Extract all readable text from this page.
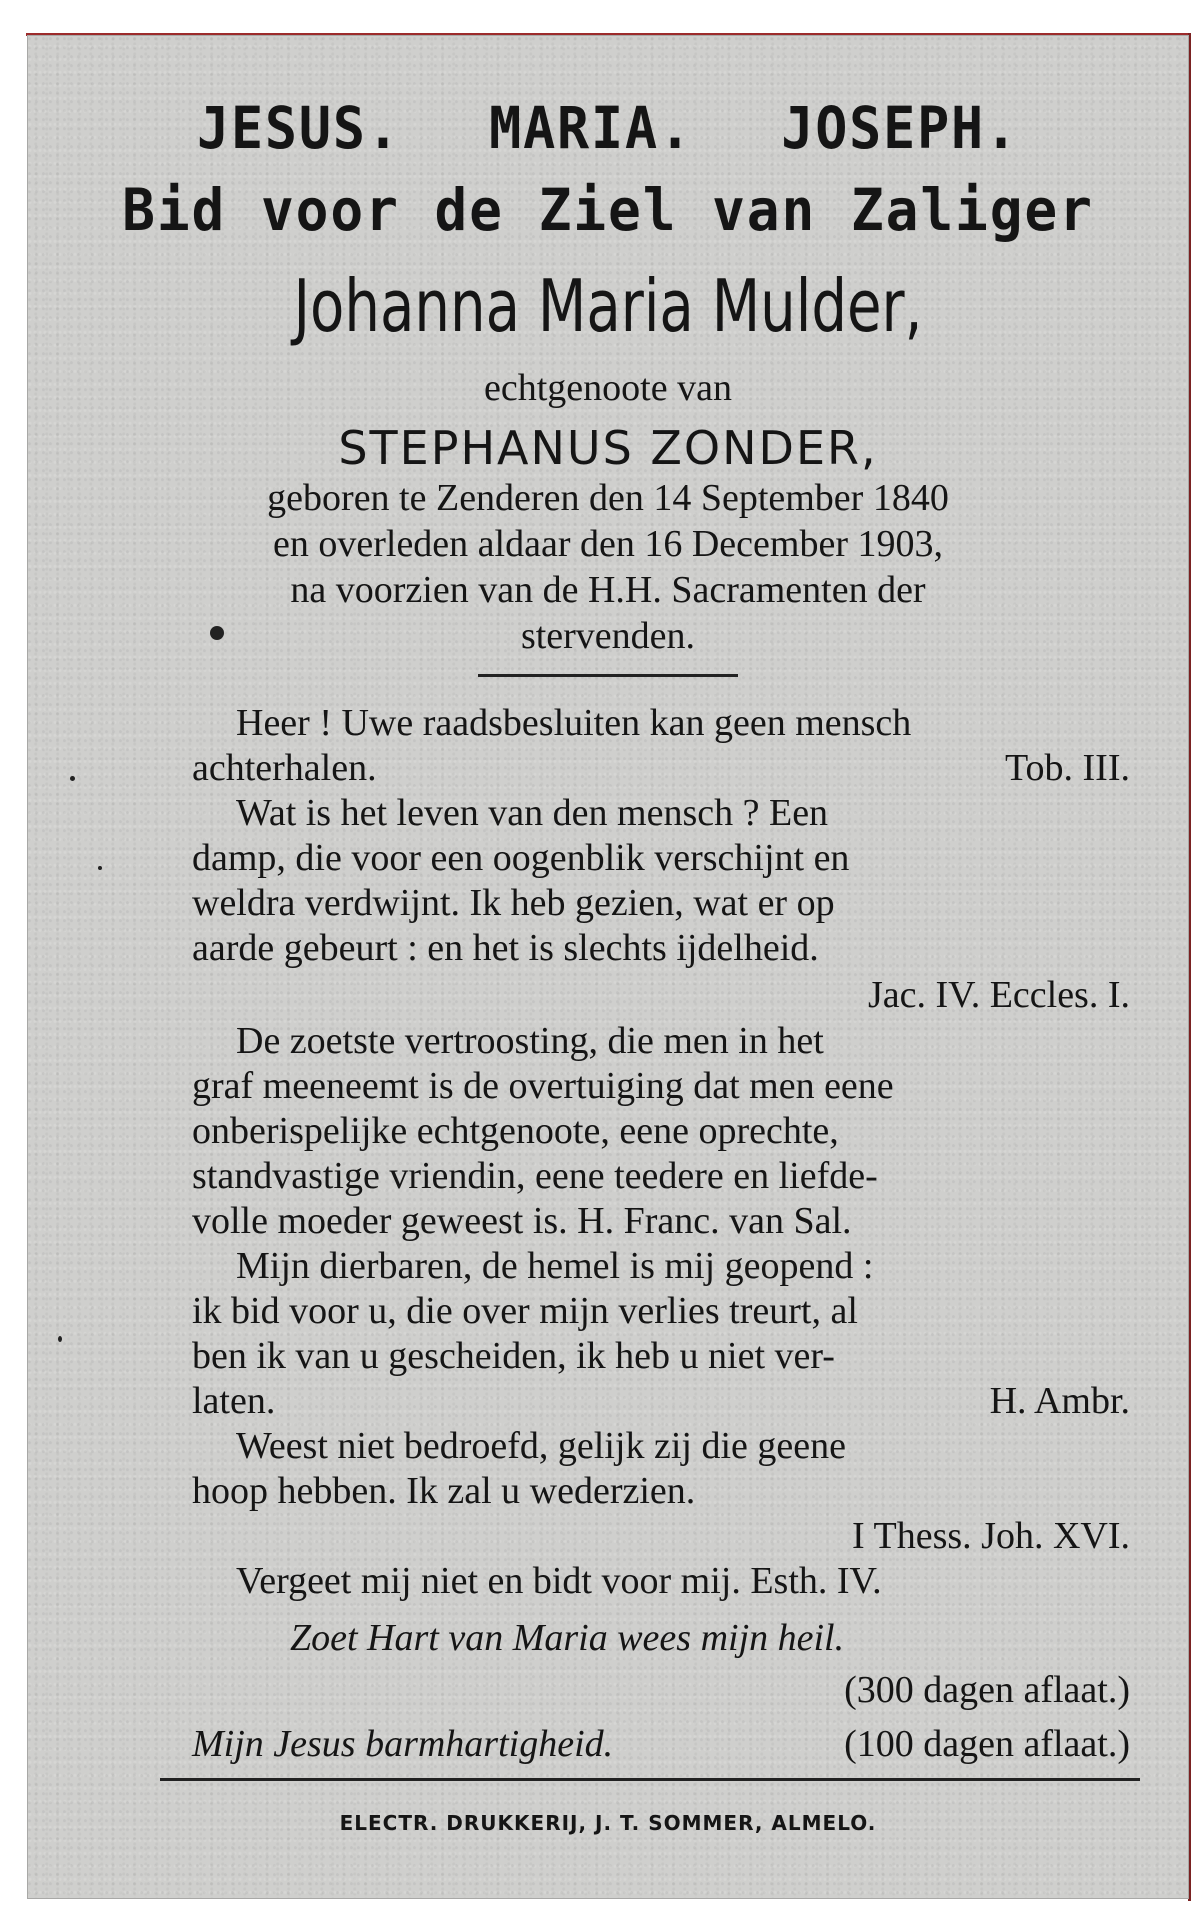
JESUS. MARIA. JOSEPH.
Bid voor de Ziel van Zaliger
Johanna Maria Mulder,
echtgenoote van
STEPHANUS ZONDER,
geboren te Zenderen den 14 September 1840
en overleden aldaar den 16 December 1903,
na voorzien van de H.H. Sacramenten der
stervenden.
Heer ! Uwe raadsbesluiten kan geen mensch
achterhalen.	Tob. III.
Wat is het leven van den mensch ? Een
damp, die voor een oogenblik verschijnt en
weldra verdwijnt. Ik heb gezien, wat er op
aarde gebeurt : en het is slechts ijdelheid.
Jac. IV. Eccles. I.
De zoetste vertroosting, die men in het
graf meeneemt is de overtuiging dat men eene
onberispelijke echtgenoote, eene oprechte,
standvastige vriendin, eene teedere en liefde-
volle moeder geweest is. H. Franc. van Sal.
Mijn dierbaren, de hemel is mij geopend :
ik bid voor u, die over mijn verlies treurt, al
ben ik van u gescheiden, ik heb u niet ver-
laten.	H. Ambr.
Weest niet bedroefd, gelijk zij die geene
hoop hebben. Ik zal u wederzien.
I Thess. Joh. XVI.
Vergeet mij niet en bidt voor mij. Esth. IV.
Zoet Hart van Maria wees mijn heil.
(300 dagen aflaat.)
Mijn Jesus barmhartigheid.	(100 dagen aflaat.)
ELECTR. DRUKKERIJ, J. T. SOMMER, ALMELO.
